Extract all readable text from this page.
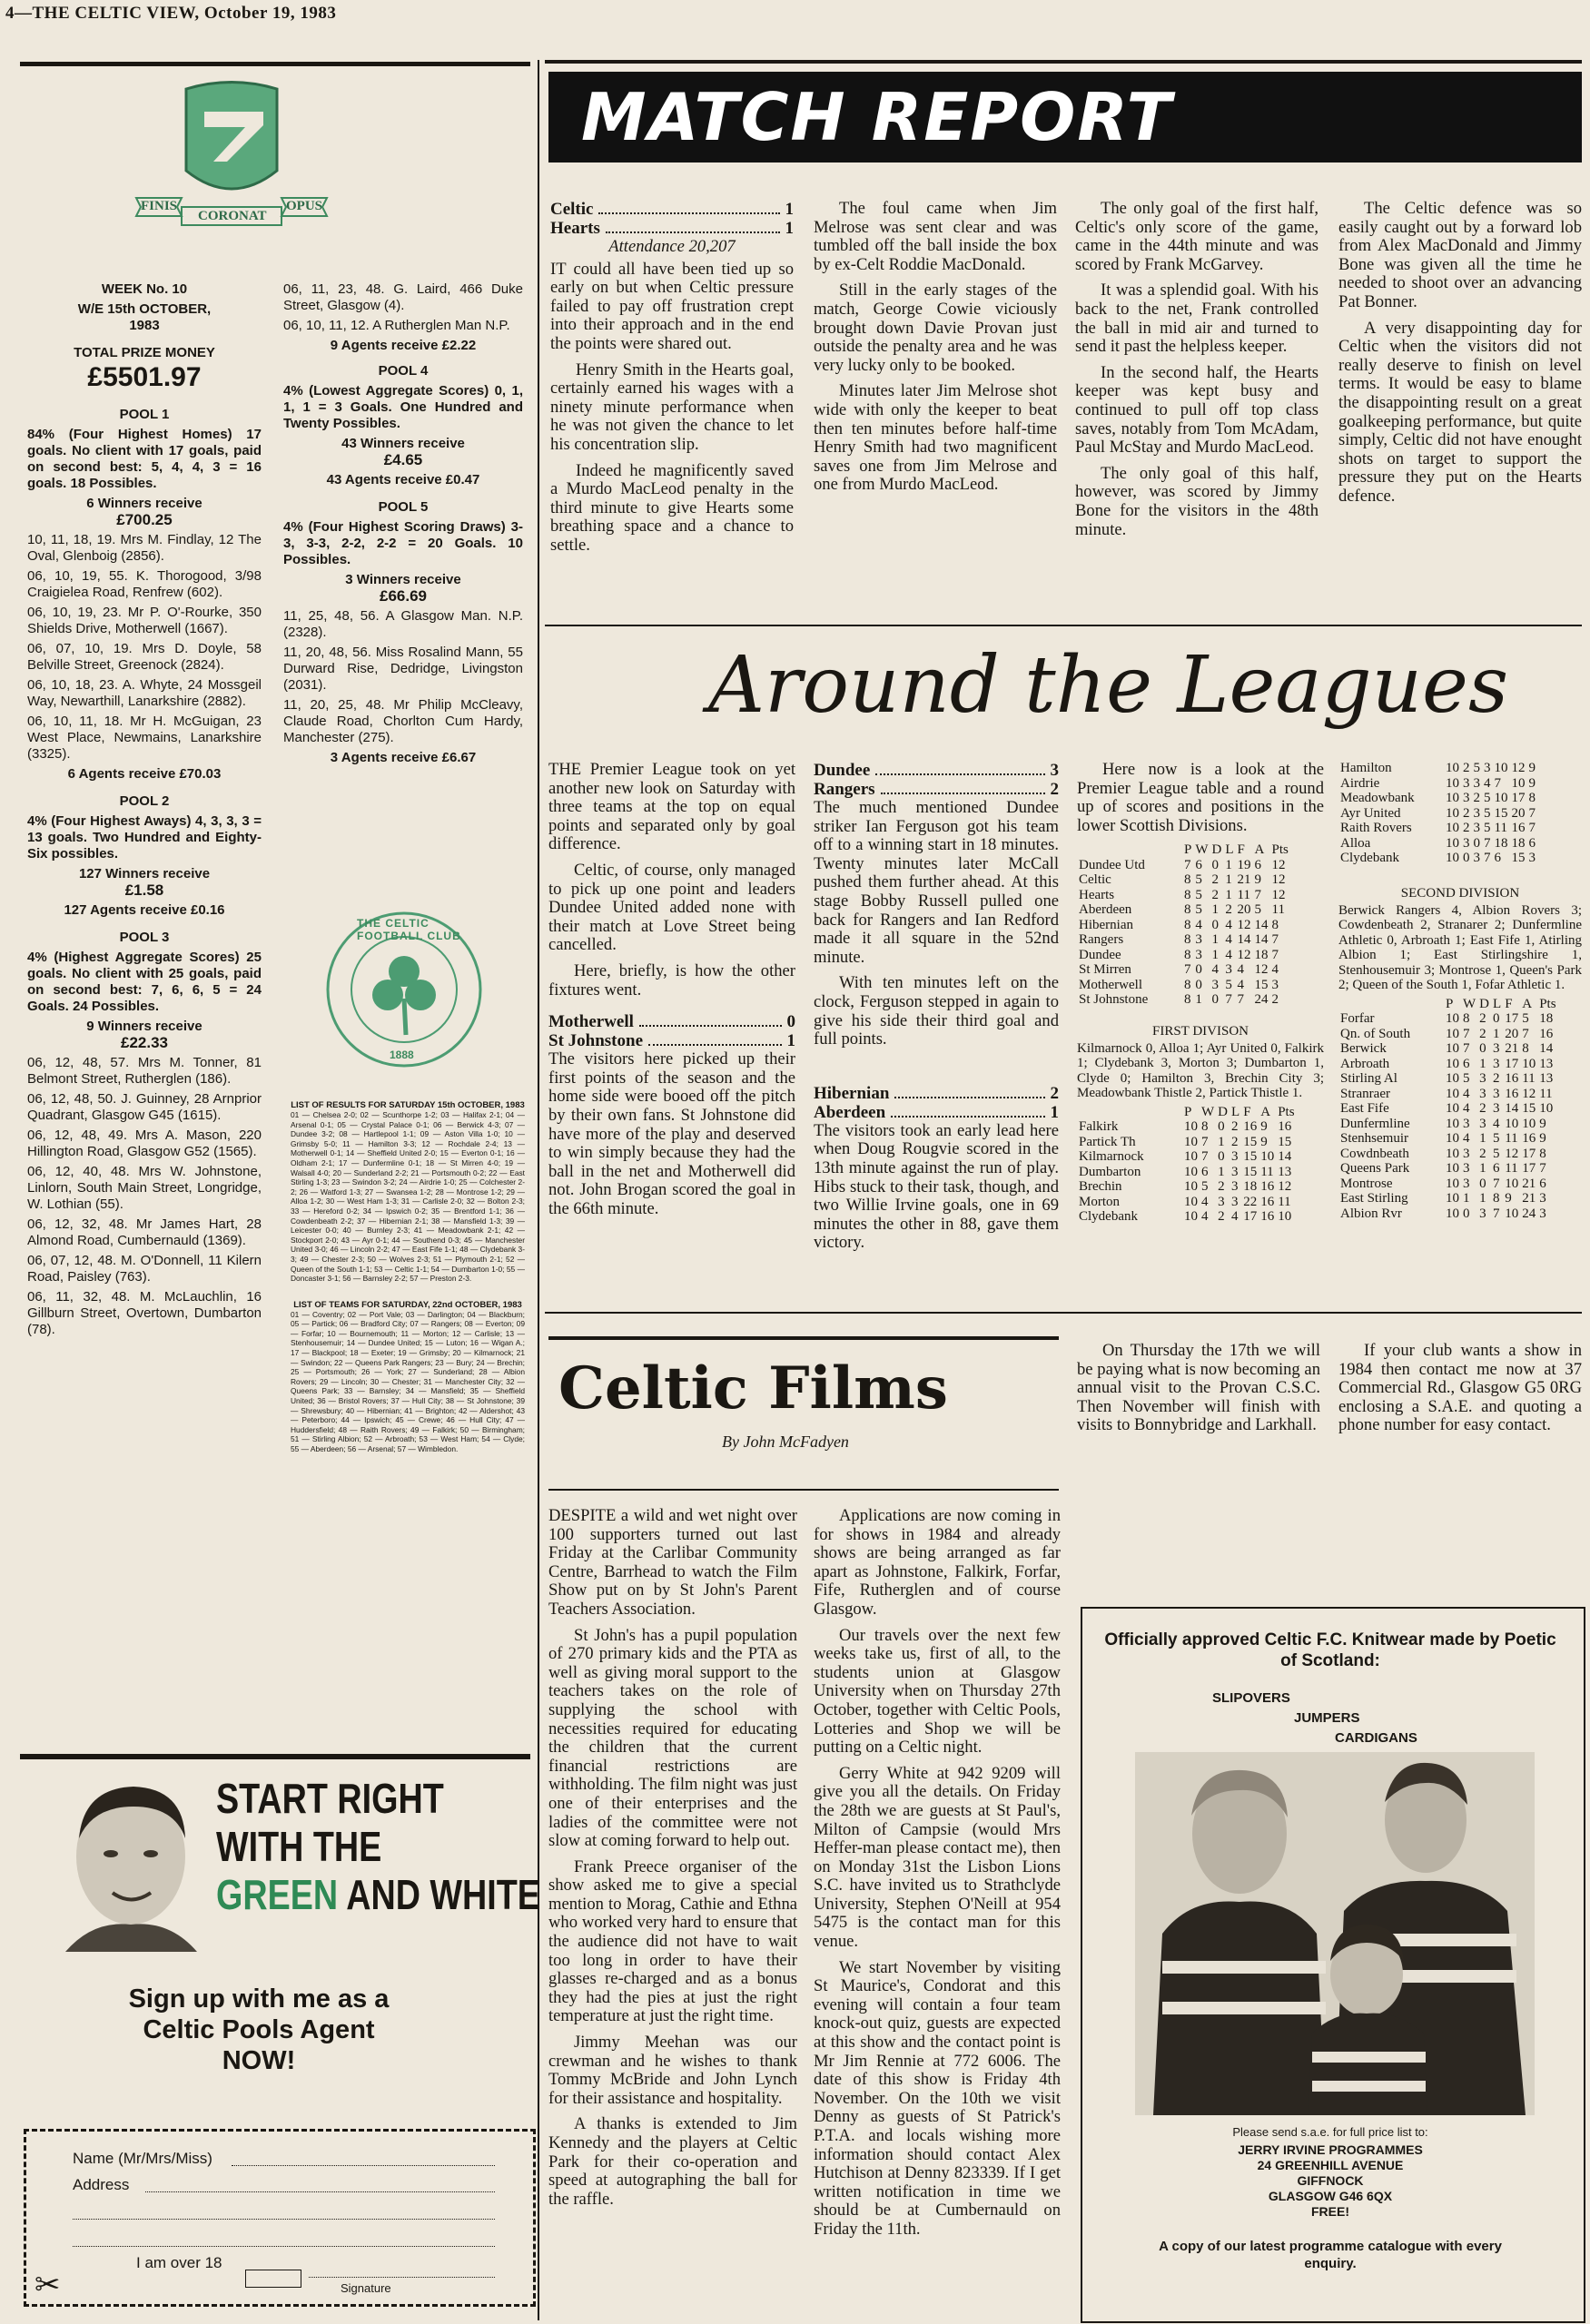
4—THE CELTIC VIEW, October 19, 1983
FINIS
CORONAT
OPUS

WEEK No. 10

W/E 15th OCTOBER,

1983

TOTAL PRIZE MONEY

£5501.97

POOL 1

84% (Four Highest Homes) 17 goals. No client with 17 goals, paid on second best: 5, 4, 4, 3 = 16 goals. 18 Possibles.

6 Winners receive

£700.25

10, 11, 18, 19. Mrs M. Findlay, 12 The Oval, Glenboig (2856).

06, 10, 19, 55. K. Thorogood, 3/98 Craigielea Road, Renfrew (602).

06, 10, 19, 23. Mr P. O'-Rourke, 350 Shields Drive, Motherwell (1667).

06, 07, 10, 19. Mrs D. Doyle, 58 Belville Street, Greenock (2824).

06, 10, 18, 23. A. Whyte, 24 Mossgeil Way, Newarthill, Lanarkshire (2882).

06, 10, 11, 18. Mr H. McGuigan, 23 West Place, Newmains, Lanarkshire (3325).

6 Agents receive £70.03

POOL 2

4% (Four Highest Aways) 4, 3, 3, 3 = 13 goals. Two Hundred and Eighty-Six possibles.

127 Winners receive

£1.58

127 Agents receive £0.16

POOL 3

4% (Highest Aggregate Scores) 25 goals. No client with 25 goals, paid on second best: 7, 6, 6, 5 = 24 Goals. 24 Possibles.

9 Winners receive

£22.33

06, 12, 48, 57. Mrs M. Tonner, 81 Belmont Street, Rutherglen (186).

06, 12, 48, 50. J. Guinney, 28 Arnprior Quadrant, Glasgow G45 (1615).

06, 12, 48, 49. Mrs A. Mason, 220 Hillington Road, Glasgow G52 (1565).

06, 12, 40, 48. Mrs W. Johnstone, Linlorn, South Main Street, Longridge, W. Lothian (55).

06, 12, 32, 48. Mr James Hart, 28 Almond Road, Cumbernauld (1369).

06, 07, 12, 48. M. O'Donnell, 11 Kilern Road, Paisley (763).

06, 11, 32, 48. M. McLauchlin, 16 Gillburn Street, Overtown, Dumbarton (78).

06, 11, 23, 48. G. Laird, 466 Duke Street, Glasgow (4).

06, 10, 11, 12. A Rutherglen Man N.P.

9 Agents receive £2.22

POOL 4

4% (Lowest Aggregate Scores) 0, 1, 1, 1 = 3 Goals. One Hundred and Twenty Possibles.

43 Winners receive

£4.65

43 Agents receive £0.47

POOL 5

4% (Four Highest Scoring Draws) 3-3, 3-3, 2-2, 2-2 = 20 Goals. 10 Possibles.

3 Winners receive

£66.69

11, 25, 48, 56. A Glasgow Man. N.P. (2328).

11, 20, 48, 56. Miss Rosalind Mann, 55 Durward Rise, Dedridge, Livingston (2031).

11, 20, 25, 48. Mr Philip McCleavy, Claude Road, Chorlton Cum Hardy, Manchester (275).

3 Agents receive £6.67

THE CELTIC FOOTBALL CLUB
1888

LIST OF RESULTS FOR SATURDAY 15th OCTOBER, 1983

01 — Chelsea 2-0; 02 — Scunthorpe 1-2; 03 — Halifax 2-1; 04 — Arsenal 0-1; 05 — Crystal Palace 0-1; 06 — Berwick 4-3; 07 — Dundee 3-2; 08 — Hartlepool 1-1; 09 — Aston Villa 1-0; 10 — Grimsby 5-0; 11 — Hamilton 3-3; 12 — Rochdale 2-4; 13 — Motherwell 0-1; 14 — Sheffield United 2-0; 15 — Everton 0-1; 16 — Oldham 2-1; 17 — Dunfermline 0-1; 18 — St Mirren 4-0; 19 — Walsall 4-0; 20 — Sunderland 2-2; 21 — Portsmouth 0-2; 22 — East Stirling 1-3; 23 — Swindon 3-2; 24 — Airdrie 1-0; 25 — Colchester 2-2; 26 — Watford 1-3; 27 — Swansea 1-2; 28 — Montrose 1-2; 29 — Alloa 1-2; 30 — West Ham 1-3; 31 — Carlisle 2-0; 32 — Bolton 2-3; 33 — Hereford 0-2; 34 — Ipswich 0-2; 35 — Brentford 1-1; 36 — Cowdenbeath 2-2; 37 — Hibernian 2-1; 38 — Mansfield 1-3; 39 — Leicester 0-0; 40 — Burnley 2-3; 41 — Meadowbank 2-1; 42 — Stockport 2-0; 43 — Ayr 0-1; 44 — Southend 0-3; 45 — Manchester United 3-0; 46 — Lincoln 2-2; 47 — East Fife 1-1; 48 — Clydebank 3-3; 49 — Chester 2-3; 50 — Wolves 2-3; 51 — Plymouth 2-1; 52 — Queen of the South 1-1; 53 — Celtic 1-1; 54 — Dumbarton 1-0; 55 — Doncaster 3-1; 56 — Barnsley 2-2; 57 — Preston 2-3.

LIST OF TEAMS FOR SATURDAY, 22nd OCTOBER, 1983

01 — Coventry; 02 — Port Vale; 03 — Darlington; 04 — Blackburn; 05 — Partick; 06 — Bradford City; 07 — Rangers; 08 — Everton; 09 — Forfar; 10 — Bournemouth; 11 — Morton; 12 — Carlisle; 13 — Stenhousemuir; 14 — Dundee United; 15 — Luton; 16 — Wigan A.; 17 — Blackpool; 18 — Exeter; 19 — Grimsby; 20 — Kilmarnock; 21 — Swindon; 22 — Queens Park Rangers; 23 — Bury; 24 — Brechin; 25 — Portsmouth; 26 — York; 27 — Sunderland; 28 — Albion Rovers; 29 — Lincoln; 30 — Chester; 31 — Manchester City; 32 — Queens Park; 33 — Barnsley; 34 — Mansfield; 35 — Sheffield United; 36 — Bristol Rovers; 37 — Hull City; 38 — St Johnstone; 39 — Shrewsbury; 40 — Hibernian; 41 — Brighton; 42 — Aldershot; 43 — Peterboro; 44 — Ipswich; 45 — Crewe; 46 — Hull City; 47 — Huddersfield; 48 — Raith Rovers; 49 — Falkirk; 50 — Birmingham; 51 — Stirling Albion; 52 — Arbroath; 53 — West Ham; 54 — Clyde; 55 — Aberdeen; 56 — Arsenal; 57 — Wimbledon.

START RIGHT
WITH THE
GREEN AND WHITE
Sign up with me as a Celtic Pools Agent NOW!
Name (Mr/Mrs/Miss)
Address
I am over 18
Signature
✂
MATCH REPORT
Celtic	1
Hearts	1

Attendance 20,207

IT could all have been tied up so early on but when Celtic pressure failed to pay off frustration crept into their approach and in the end the points were shared out.

Henry Smith in the Hearts goal, certainly earned his wages with a ninety minute performance when he was not given the chance to let his concentration slip.

Indeed he magnificently saved a Murdo MacLeod penalty in the third minute to give Hearts some breathing space and a chance to settle.

The foul came when Jim Melrose was sent clear and was tumbled off the ball inside the box by ex-Celt Roddie MacDonald.

Still in the early stages of the match, George Cowie viciously brought down Davie Provan just outside the penalty area and he was very lucky only to be booked.

Minutes later Jim Melrose shot wide with only the keeper to beat then ten minutes before half-time Henry Smith had two magnificent saves one from Jim Melrose and one from Murdo MacLeod.

The only goal of the first half, Celtic's only score of the game, came in the 44th minute and was scored by Frank McGarvey.

It was a splendid goal. With his back to the net, Frank controlled the ball in mid air and turned to send it past the helpless keeper.

In the second half, the Hearts keeper was kept busy and continued to pull off top class saves, notably from Tom McAdam, Paul McStay and Murdo MacLeod.

The only goal of this half, however, was scored by Jimmy Bone for the visitors in the 48th minute.

The Celtic defence was so easily caught out by a forward lob from Alex MacDonald and Jimmy Bone was given all the time he needed to shoot over an advancing Pat Bonner.

A very disappointing day for Celtic when the visitors did not really deserve to finish on level terms. It would be easy to blame the disappointing result on a great goalkeeping performance, but quite simply, Celtic did not have enought shots on target to support the pressure they put on the Hearts defence.

Around the Leagues

THE Premier League took on yet another new look on Saturday with three teams at the top on equal points and separated only by goal difference.

Celtic, of course, only managed to pick up one point and leaders Dundee United added none with their match at Love Street being cancelled.

Here, briefly, is how the other fixtures went.

Motherwell	0
St Johnstone	1

The visitors here picked up their first points of the season and the home side were booed off the pitch by their own fans. St Johnstone did have more of the play and deserved to win simply because they had the ball in the net and Motherwell did not. John Brogan scored the goal in the 66th minute.

Dundee	3
Rangers	2

The much mentioned Dundee striker Ian Ferguson got his team off to a winning start in 18 minutes. Twenty minutes later McCall pushed them further ahead. At this stage Bobby Russell pulled one back for Rangers and Ian Redford made it all square in the 52nd minute.

With ten minutes left on the clock, Ferguson stepped in again to give his side their third goal and full points.

Hibernian	2
Aberdeen	1

The visitors took an early lead here when Doug Rougvie scored in the 13th minute against the run of play. Hibs stuck to their task, though, and two Willie Irvine goals, one in 69 minutes the other in 88, gave them victory.

Here now is a look at the Premier League table and a round up of scores and positions in the lower Scottish Divisions.

	P	W	D	L	F	A	Pts
Dundee Utd	7	6	0	1	19	6	12
Celtic	8	5	2	1	21	9	12
Hearts	8	5	2	1	11	7	12
Aberdeen	8	5	1	2	20	5	11
Hibernian	8	4	0	4	12	14	8
Rangers	8	3	1	4	14	14	7
Dundee	8	3	1	4	12	18	7
St Mirren	7	0	4	3	4	12	4
Motherwell	8	0	3	5	4	15	3
St Johnstone	8	1	0	7	7	24	2

FIRST DIVISON

Kilmarnock 0, Alloa 1; Ayr United 0, Falkirk 1; Clydebank 3, Morton 3; Dumbarton 1, Clyde 0; Hamilton 3, Brechin City 3; Meadowbank Thistle 2, Partick Thistle 1.

	P	W	D	L	F	A	Pts
Falkirk	10	8	0	2	16	9	16
Partick Th	10	7	1	2	15	9	15
Kilmarnock	10	7	0	3	15	10	14
Dumbarton	10	6	1	3	15	11	13
Brechin	10	5	2	3	18	16	12
Morton	10	4	3	3	22	16	11
Clydebank	10	4	2	4	17	16	10
Hamilton	10	2	5	3	10	12	9
Airdrie	10	3	3	4	7	10	9
Meadowbank	10	3	2	5	10	17	8
Ayr United	10	2	3	5	15	20	7
Raith Rovers	10	2	3	5	11	16	7
Alloa	10	3	0	7	18	18	6
Clydebank	10	0	3	7	6	15	3

SECOND DIVISION

Berwick Rangers 4, Albion Rovers 3; Cowdenbeath 2, Stranarer 2; Dunfermline Athletic 0, Arbroath 1; East Fife 1, Atirling Albion 1; East Stirlingshire 1, Stenhousemuir 3; Montrose 1, Queen's Park 2; Queen of the South 1, Fofar Athletic 1.

	P	W	D	L	F	A	Pts
Forfar	10	8	2	0	17	5	18
Qn. of South	10	7	2	1	20	7	16
Berwick	10	7	0	3	21	8	14
Arbroath	10	6	1	3	17	10	13
Stirling Al	10	5	3	2	16	11	13
Stranraer	10	4	3	3	16	12	11
East Fife	10	4	2	3	14	15	10
Dunfermline	10	3	3	4	10	10	9
Stenhsemuir	10	4	1	5	11	16	9
Cowdnbeath	10	3	2	5	12	17	8
Queens Park	10	3	1	6	11	17	7
Montrose	10	3	0	7	10	21	6
East Stirling	10	1	1	8	9	21	3
Albion Rvr	10	0	3	7	10	24	3
Celtic Films
By John McFadyen

DESPITE a wild and wet night over 100 supporters turned out last Friday at the Carlibar Community Centre, Barrhead to watch the Film Show put on by St John's Parent Teachers Association.

St John's has a pupil population of 270 primary kids and the PTA as well as giving moral support to the teachers takes on the role of supplying the school with necessities required for educating the children that the current financial restrictions are withholding. The film night was just one of their enterprises and the ladies of the committee were not slow at coming forward to help out.

Frank Preece organiser of the show asked me to give a special mention to Morag, Cathie and Ethna who worked very hard to ensure that the audience did not have to wait too long in order to have their glasses re-charged and as a bonus they had the pies at just the right temperature at just the right time.

Jimmy Meehan was our crewman and he wishes to thank Tommy McBride and John Lynch for their assistance and hospitality.

A thanks is extended to Jim Kennedy and the players at Celtic Park for their co-operation and speed at autographing the ball for the raffle.

Applications are now coming in for shows in 1984 and already shows are being arranged as far apart as Johnstone, Falkirk, Forfar, Fife, Rutherglen and of course Glasgow.

Our travels over the next few weeks take us, first of all, to the students union at Glasgow University when on Thursday 27th October, together with Celtic Pools, Lotteries and Shop we will be putting on a Celtic night.

Gerry White at 942 9209 will give you all the details. On Friday the 28th we are guests at St Paul's, Milton of Campsie (would Mrs Heffer-man please contact me), then on Monday 31st the Lisbon Lions S.C. have invited us to Strathclyde University, Stephen O'Neill at 954 5475 is the contact man for this venue.

We start November by visiting St Maurice's, Condorat and this evening will contain a four team knock-out quiz, guests are expected at this show and the contact point is Mr Jim Rennie at 772 6006. The date of this show is Friday 4th November. On the 10th we visit Denny as guests of St Patrick's P.T.A. and locals wishing more information should contact Alex Hutchison at Denny 823339. If I get written notification in time we should be at Cumbernauld on Friday the 11th.

On Thursday the 17th we will be paying what is now becoming an annual visit to the Provan C.S.C. Then November will finish with visits to Bonnybridge and Larkhall.

If your club wants a show in 1984 then contact me now at 37 Commercial Rd., Glasgow G5 0RG enclosing a S.A.E. and quoting a phone number for easy contact.

Officially approved Celtic F.C. Knitwear made by Poetic of Scotland:
SLIPOVERS
JUMPERS
CARDIGANS
Please send s.a.e. for full price list to:
JERRY IRVINE PROGRAMMES
24 GREENHILL AVENUE
GIFFNOCK
GLASGOW G46 6QX
FREE!
A copy of our latest programme catalogue with every enquiry.
